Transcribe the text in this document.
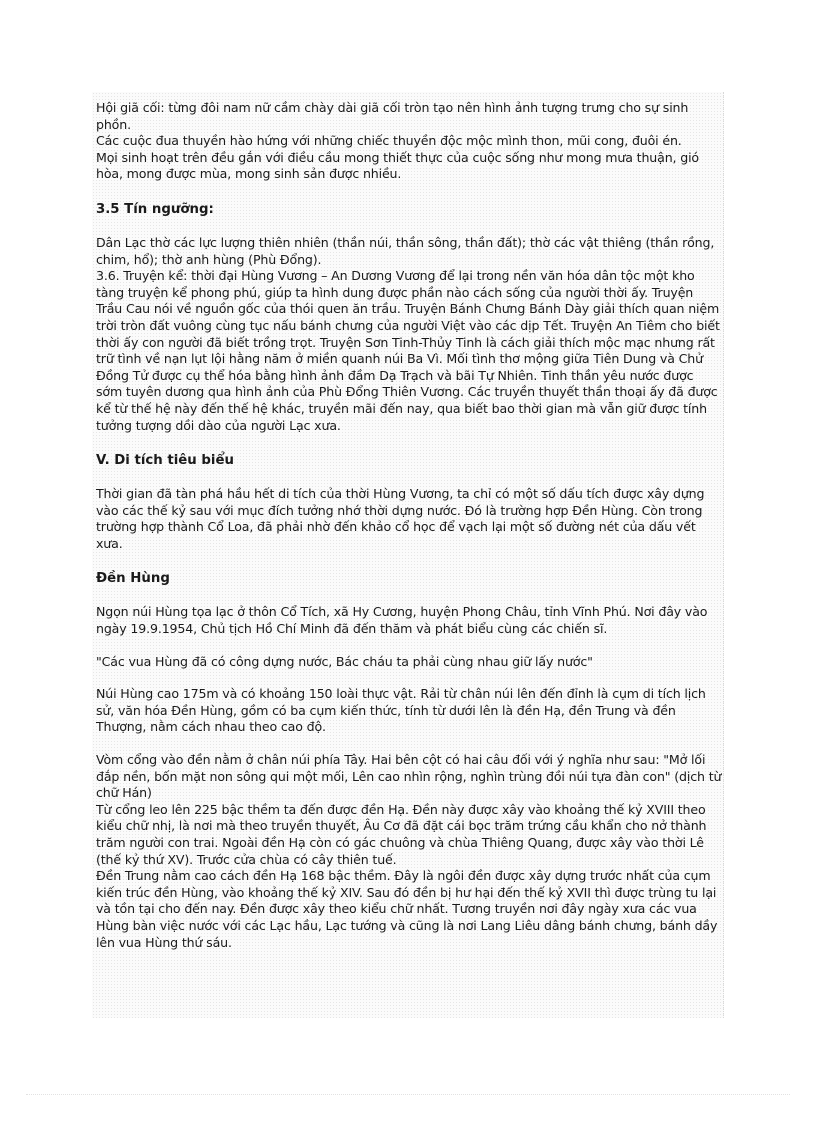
Hội giã cối: từng đôi nam nữ cầm chày dài giã cối tròn tạo nên hình ảnh tượng trưng cho sự sinh phồn.

Các cuộc đua thuyền hào hứng với những chiếc thuyền độc mộc mình thon, mũi cong, đuôi én.

Mọi sinh hoạt trên đều gắn với điều cầu mong thiết thực của cuộc sống như mong mưa thuận, gió hòa, mong được mùa, mong sinh sản được nhiều.

3.5 Tín ngưỡng:

Dân Lạc thờ các lực lượng thiên nhiên (thần núi, thần sông, thần đất); thờ các vật thiêng (thần rồng, chim, hổ); thờ anh hùng (Phù Đổng).

3.6. Truyện kể: thời đại Hùng Vương – An Dương Vương để lại trong nền văn hóa dân tộc một kho tàng truyện kể phong phú, giúp ta hình dung được phần nào cách sống của người thời ấy. Truyện Trầu Cau nói về nguồn gốc của thói quen ăn trầu. Truyện Bánh Chưng Bánh Dày giải thích quan niệm trời tròn đất vuông cùng tục nấu bánh chưng của người Việt vào các dịp Tết. Truyện An Tiêm cho biết thời ấy con người đã biết trồng trọt. Truyện Sơn Tinh-Thủy Tinh là cách giải thích mộc mạc nhưng rất trữ tình về nạn lụt lội hằng năm ở miền quanh núi Ba Vì. Mối tình thơ mộng giữa Tiên Dung và Chử Đồng Tử được cụ thể hóa bằng hình ảnh đầm Dạ Trạch và bãi Tự Nhiên. Tinh thần yêu nước được sớm tuyên dương qua hình ảnh của Phù Đổng Thiên Vương. Các truyền thuyết thần thoại ấy đã được kể từ thế hệ này đến thế hệ khác, truyền mãi đến nay, qua biết bao thời gian mà vẫn giữ được tính tưởng tượng dồi dào của người Lạc xưa.

V. Di tích tiêu biểu

Thời gian đã tàn phá hầu hết di tích của thời Hùng Vương, ta chỉ có một số dấu tích được xây dựng vào các thế kỷ sau với mục đích tưởng nhớ thời dựng nước. Đó là trường hợp Đền Hùng. Còn trong trường hợp thành Cổ Loa, đã phải nhờ đến khảo cổ học để vạch lại một số đường nét của dấu vết xưa.

Đền Hùng

Ngọn núi Hùng tọa lạc ở thôn Cổ Tích, xã Hy Cương, huyện Phong Châu, tỉnh Vĩnh Phú. Nơi đây vào ngày 19.9.1954, Chủ tịch Hồ Chí Minh đã đến thăm và phát biểu cùng các chiến sĩ.

"Các vua Hùng đã có công dựng nước, Bác cháu ta phải cùng nhau giữ lấy nước"

Núi Hùng cao 175m và có khoảng 150 loài thực vật. Rải từ chân núi lên đến đỉnh là cụm di tích lịch sử, văn hóa Đền Hùng, gồm có ba cụm kiến thức, tính từ dưới lên là đền Hạ, đền Trung và đền Thượng, nằm cách nhau theo cao độ.

Vòm cổng vào đền nằm ở chân núi phía Tây. Hai bên cột có hai câu đối với ý nghĩa như sau: "Mở lối đắp nền, bốn mặt non sông qui một mối, Lên cao nhìn rộng, nghìn trùng đồi núi tựa đàn con" (dịch từ chữ Hán)

Từ cổng leo lên 225 bậc thềm ta đến được đền Hạ. Đền này được xây vào khoảng thế kỷ XVIII theo kiểu chữ nhị, là nơi mà theo truyền thuyết, Âu Cơ đã đặt cái bọc trăm trứng cầu khẩn cho nở thành trăm người con trai. Ngoài đền Hạ còn có gác chuông và chùa Thiêng Quang, được xây vào thời Lê (thế kỷ thứ XV). Trước cửa chùa có cây thiên tuế.

Đền Trung nằm cao cách đền Hạ 168 bậc thềm. Đây là ngôi đền được xây dựng trước nhất của cụm kiến trúc đền Hùng, vào khoảng thế kỷ XIV. Sau đó đền bị hư hại đến thế kỷ XVII thì được trùng tu lại và tồn tại cho đến nay. Đền được xây theo kiểu chữ nhất. Tương truyền nơi đây ngày xưa các vua Hùng bàn việc nước với các Lạc hầu, Lạc tướng và cũng là nơi Lang Liêu dâng bánh chưng, bánh dầy lên vua Hùng thứ sáu.
